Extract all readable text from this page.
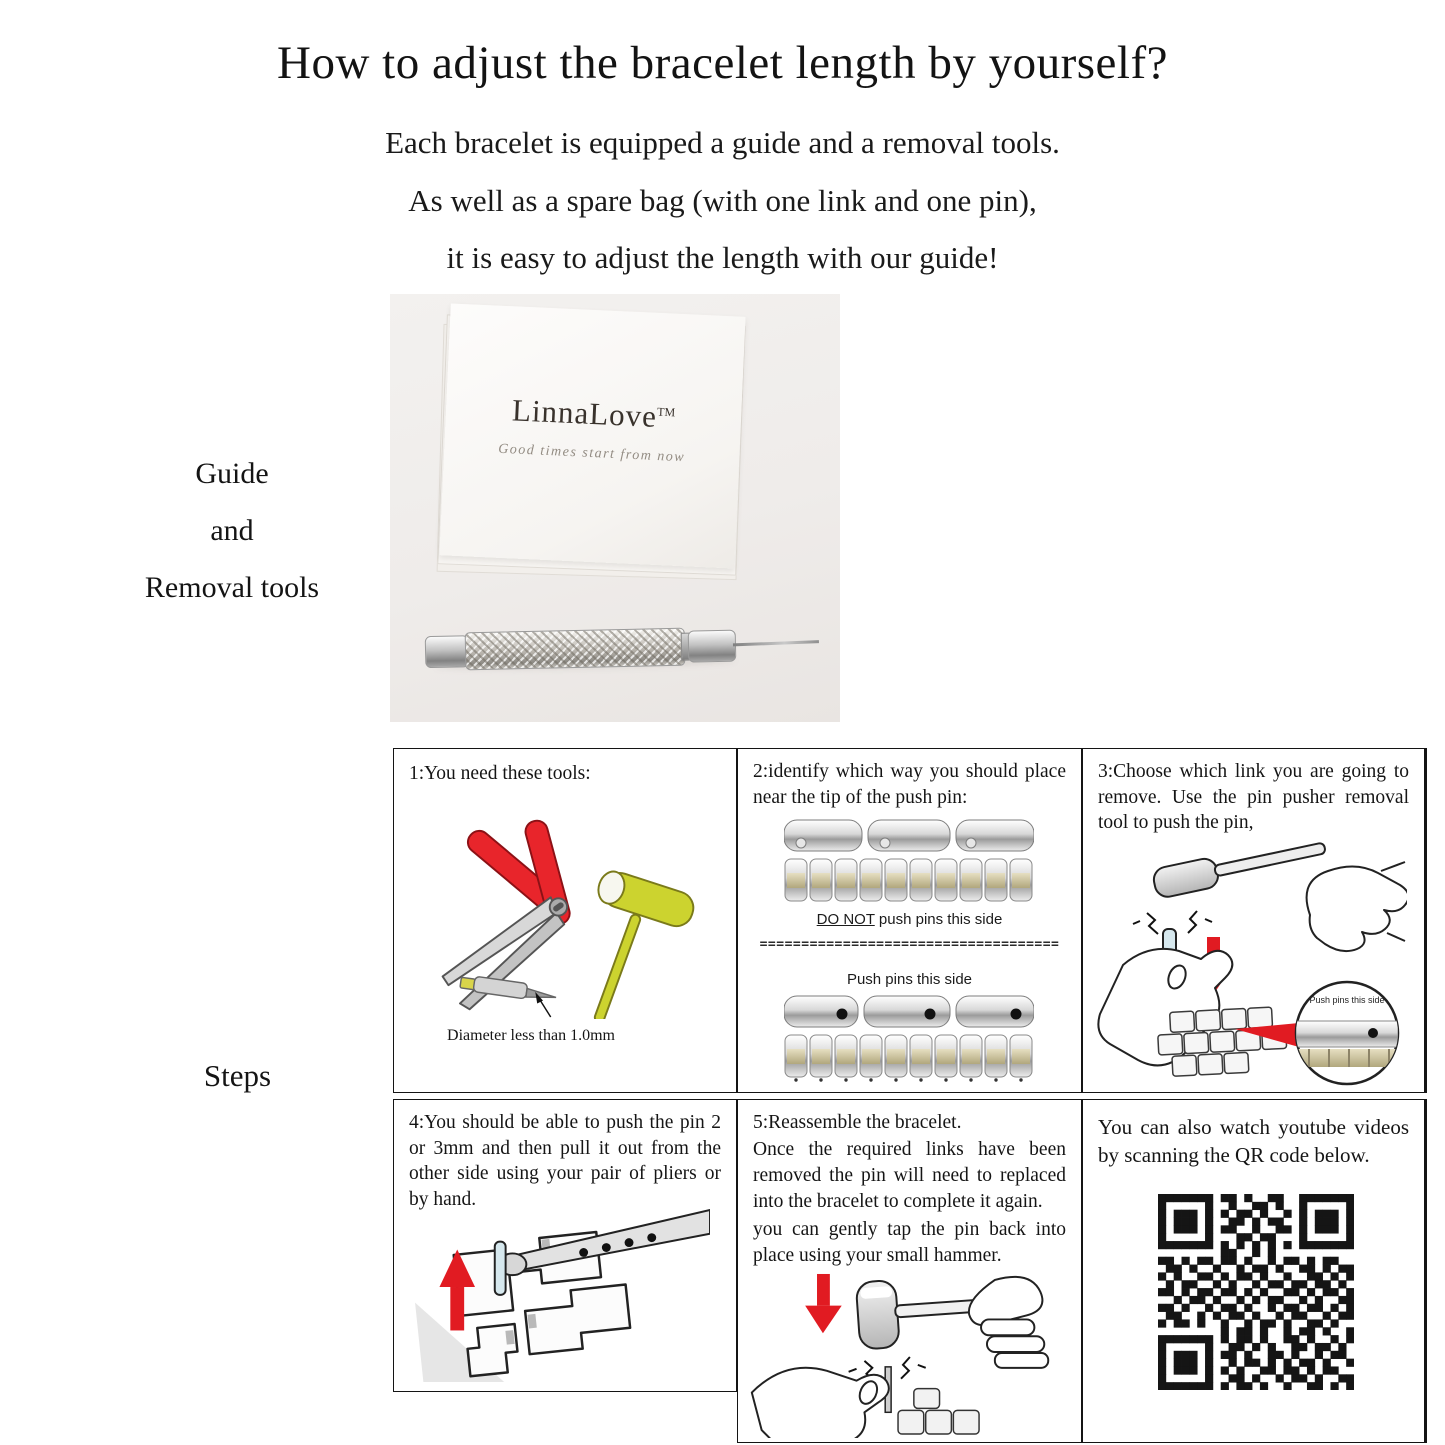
How to adjust the bracelet length by yourself?
Each bracelet is equipped a guide and a removal tools.
As well as a spare bag (with one link and one pin),
it is easy to adjust the length with our guide!
Guide
and
Removal tools
LinnaLove™
Good times start from now
Steps
1:You need these tools:
Diameter less than 1.0mm
2:identify which way you should place near the tip of the push pin:
DO NOT push pins this side
====================================
Push pins this side
3:Choose which link you are going to remove. Use the pin pusher removal tool to push the pin,
Push pins this side
4:You should be able to push the pin 2 or 3mm and then pull it out from the other side using your pair of pliers or by hand.
5:Reassemble the bracelet.
Once the required links have been removed the pin will need to replaced into the bracelet to complete it again.
you can gently tap the pin back into place using your small hammer.
You can also watch youtube videos by scanning the QR code below.
